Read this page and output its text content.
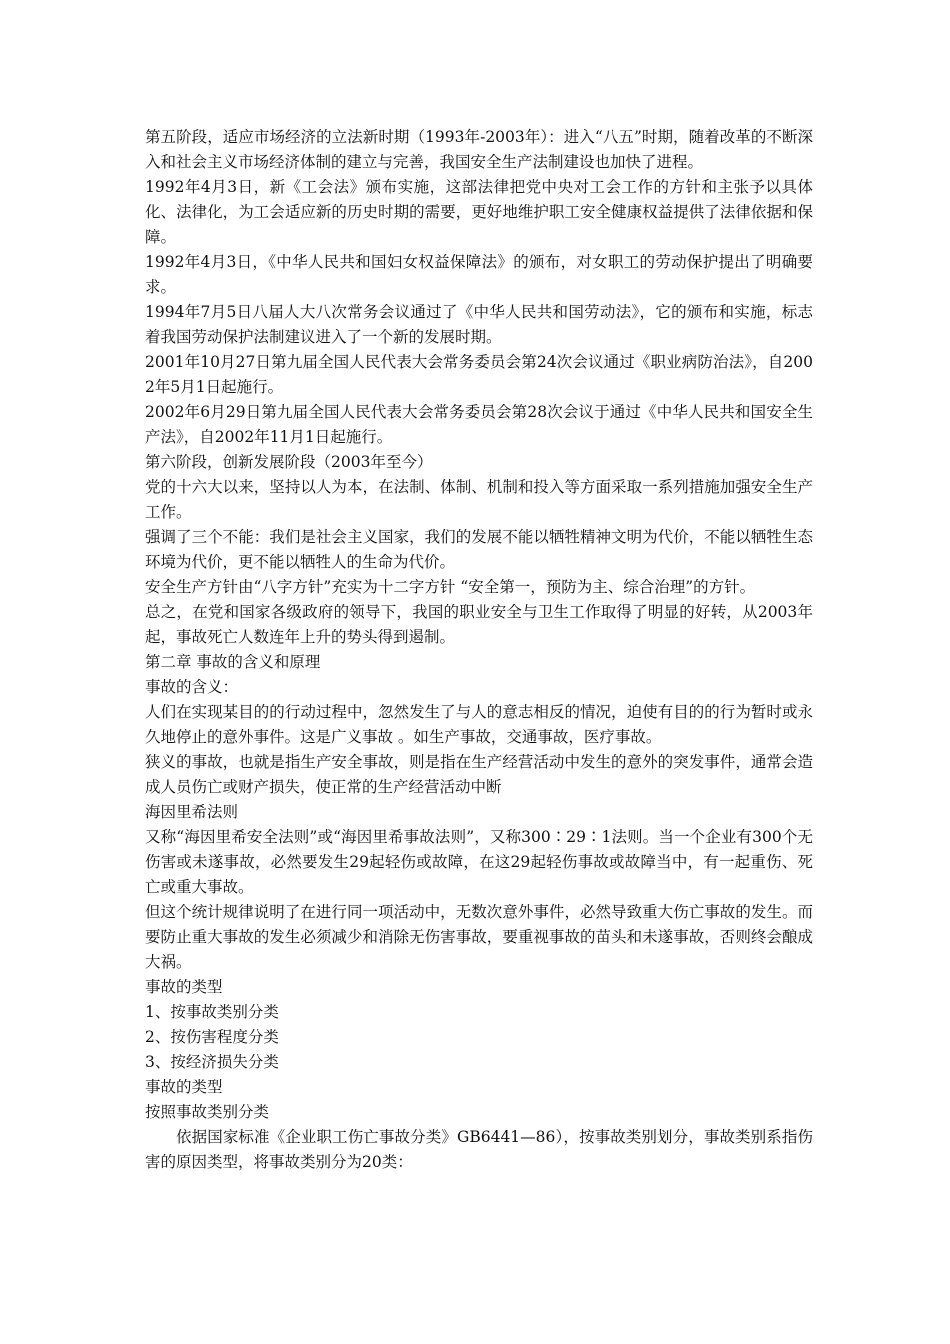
第五阶段，适应市场经济的立法新时期（1993年-2003年）：进入“八五”时期，随着改革的不断深入和社会主义市场经济体制的建立与完善，我国安全生产法制建设也加快了进程。

1992年4月3日，新《工会法》颁布实施，这部法律把党中央对工会工作的方针和主张予以具体化、法律化，为工会适应新的历史时期的需要，更好地维护职工安全健康权益提供了法律依据和保障。

1992年4月3日，《中华人民共和国妇女权益保障法》的颁布，对女职工的劳动保护提出了明确要求。

1994年7月5日八届人大八次常务会议通过了《中华人民共和国劳动法》，它的颁布和实施，标志着我国劳动保护法制建议进入了一个新的发展时期。

2001年10月27日第九届全国人民代表大会常务委员会第24次会议通过《职业病防治法》，自2002年5月1日起施行。

2002年6月29日第九届全国人民代表大会常务委员会第28次会议于通过《中华人民共和国安全生产法》，自2002年11月1日起施行。

第六阶段，创新发展阶段（2003年至今）

党的十六大以来，坚持以人为本，在法制、体制、机制和投入等方面采取一系列措施加强安全生产工作。

强调了三个不能：我们是社会主义国家，我们的发展不能以牺牲精神文明为代价，不能以牺牲生态环境为代价，更不能以牺牲人的生命为代价。

安全生产方针由“八字方针”充实为十二字方针 “安全第一，预防为主、综合治理”的方针。

总之，在党和国家各级政府的领导下，我国的职业安全与卫生工作取得了明显的好转，从2003年起，事故死亡人数连年上升的势头得到遏制。

第二章 事故的含义和原理

事故的含义：

人们在实现某目的的行动过程中，忽然发生了与人的意志相反的情况，迫使有目的的行为暂时或永久地停止的意外事件。这是广义事故 。如生产事故，交通事故，医疗事故。

狭义的事故，也就是指生产安全事故，则是指在生产经营活动中发生的意外的突发事件，通常会造成人员伤亡或财产损失，使正常的生产经营活动中断

海因里希法则

又称“海因里希安全法则”或“海因里希事故法则”，又称300∶29∶1法则。当一个企业有300个无伤害或未遂事故，必然要发生29起轻伤或故障，在这29起轻伤事故或故障当中，有一起重伤、死亡或重大事故。

但这个统计规律说明了在进行同一项活动中，无数次意外事件，必然导致重大伤亡事故的发生。而要防止重大事故的发生必须减少和消除无伤害事故，要重视事故的苗头和未遂事故，否则终会酿成大祸。

事故的类型

1、按事故类别分类

2、按伤害程度分类

3、按经济损失分类

事故的类型

按照事故类别分类

依据国家标准《企业职工伤亡事故分类》GB6441—86），按事故类别划分，事故类别系指伤害的原因类型，将事故类别分为20类：
